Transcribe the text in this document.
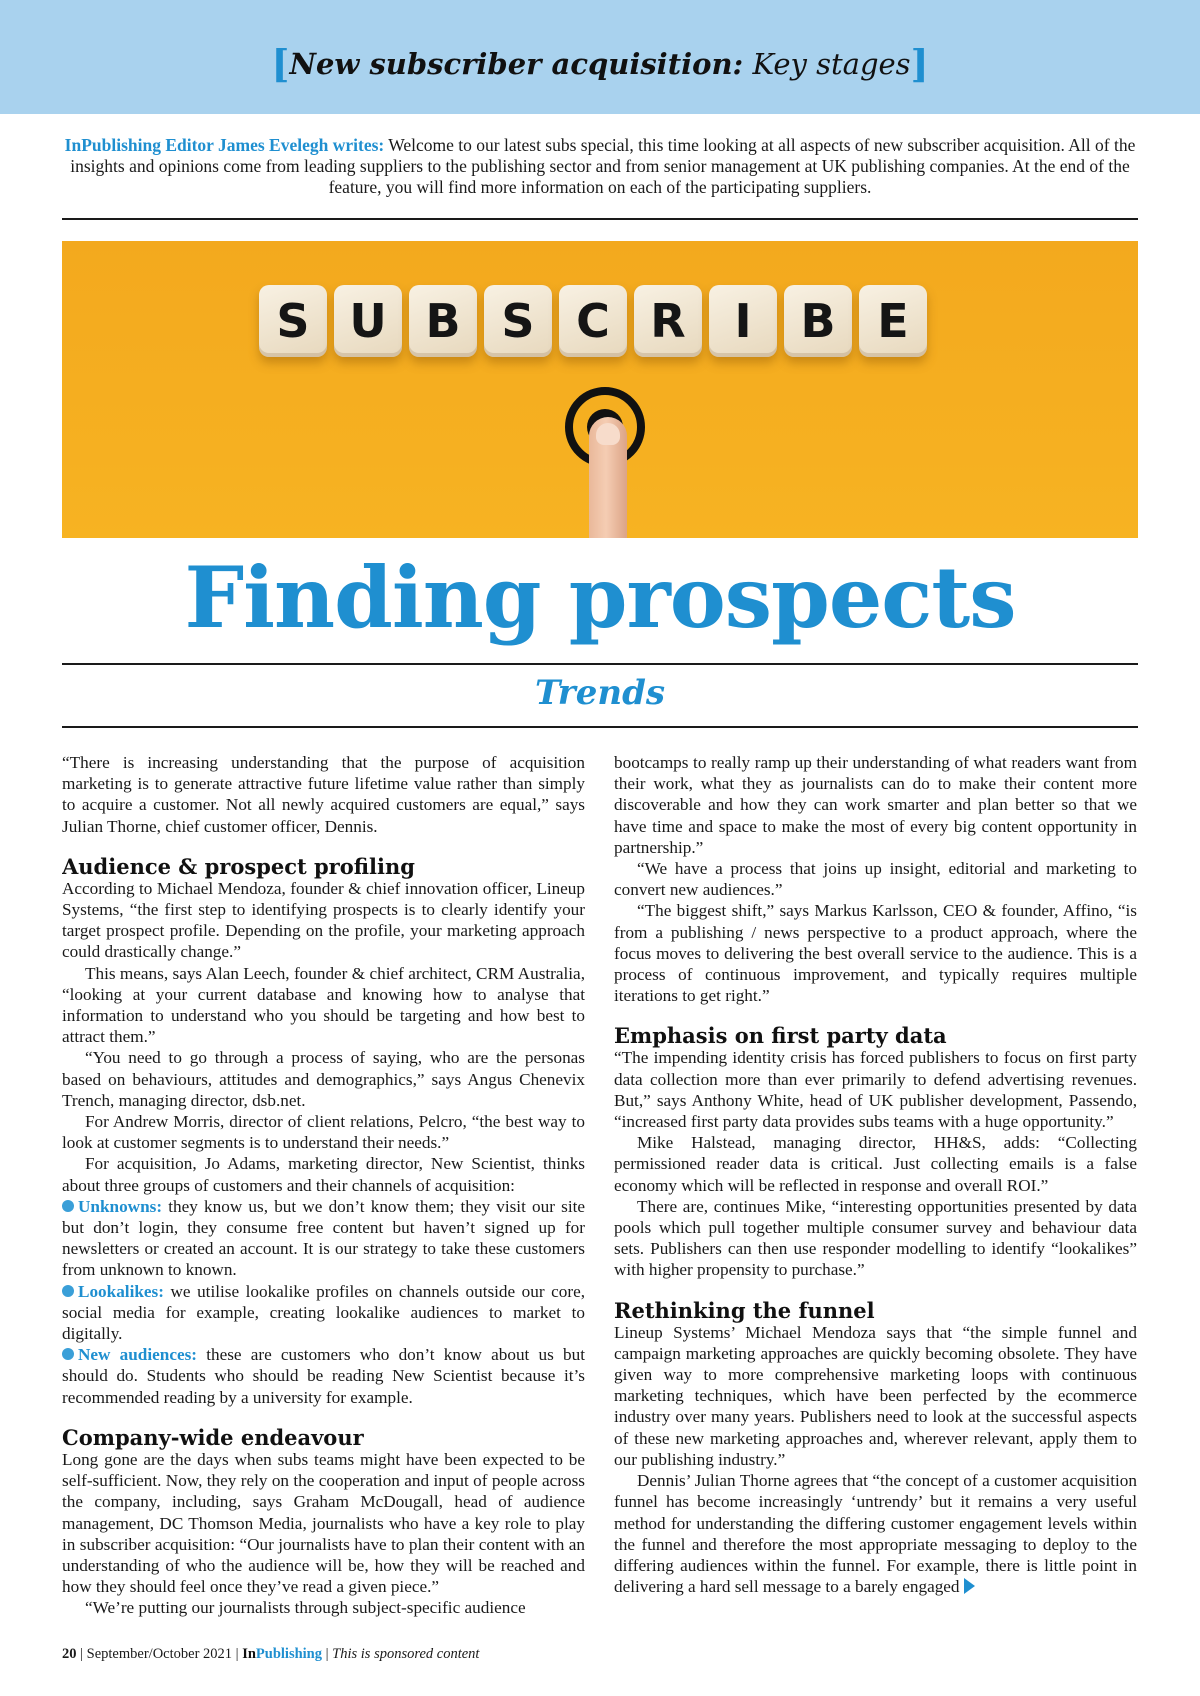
[New subscriber acquisition: Key stages]
InPublishing Editor James Evelegh writes: Welcome to our latest subs special, this time looking at all aspects of new subscriber acquisition. All of the insights and opinions come from leading suppliers to the publishing sector and from senior management at UK publishing companies. At the end of the feature, you will find more information on each of the participating suppliers.
S U B S C R	I	B E
Finding prospects
Trends

“There is increasing understanding that the purpose of acquisition marketing is to generate attractive future lifetime value rather than simply to acquire a customer. Not all newly acquired customers are equal,” says Julian Thorne, chief customer officer, Dennis.

Audience & prospect profiling

According to Michael Mendoza, founder & chief innovation officer, Lineup Systems, “the first step to identifying prospects is to clearly identify your target prospect profile. Depending on the profile, your marketing approach could drastically change.”

This means, says Alan Leech, founder & chief architect, CRM Australia, “looking at your current database and knowing how to analyse that information to understand who you should be targeting and how best to attract them.”

“You need to go through a process of saying, who are the personas based on behaviours, attitudes and demographics,” says Angus Chenevix Trench, managing director, dsb.net.

For Andrew Morris, director of client relations, Pelcro, “the best way to look at customer segments is to understand their needs.”

For acquisition, Jo Adams, marketing director, New Scientist, thinks about three groups of customers and their channels of acquisition:

Unknowns: they know us, but we don’t know them; they visit our site but don’t login, they consume free content but haven’t signed up for newsletters or created an account. It is our strategy to take these customers from unknown to known.

Lookalikes: we utilise lookalike profiles on channels outside our core, social media for example, creating lookalike audiences to market to digitally.

New audiences: these are customers who don’t know about us but should do. Students who should be reading New Scientist because it’s recommended reading by a university for example.

Company-wide endeavour

Long gone are the days when subs teams might have been expected to be self-sufficient. Now, they rely on the cooperation and input of people across the company, including, says Graham McDougall, head of audience management, DC Thomson Media, journalists who have a key role to play in subscriber acquisition: “Our journalists have to plan their content with an understanding of who the audience will be, how they will be reached and how they should feel once they’ve read a given piece.”

“We’re putting our journalists through subject-specific audience

bootcamps to really ramp up their understanding of what readers want from their work, what they as journalists can do to make their content more discoverable and how they can work smarter and plan better so that we have time and space to make the most of every big content opportunity in partnership.”

“We have a process that joins up insight, editorial and marketing to convert new audiences.”

“The biggest shift,” says Markus Karlsson, CEO & founder, Affino, “is from a publishing / news perspective to a product approach, where the focus moves to delivering the best overall service to the audience. This is a process of continuous improvement, and typically requires multiple iterations to get right.”

Emphasis on first party data

“The impending identity crisis has forced publishers to focus on first party data collection more than ever primarily to defend advertising revenues. But,” says Anthony White, head of UK publisher development, Passendo, “increased first party data provides subs teams with a huge opportunity.”

Mike Halstead, managing director, HH&S, adds: “Collecting permissioned reader data is critical. Just collecting emails is a false economy which will be reflected in response and overall ROI.”

There are, continues Mike, “interesting opportunities presented by data pools which pull together multiple consumer survey and behaviour data sets. Publishers can then use responder modelling to identify “lookalikes” with higher propensity to purchase.”

Rethinking the funnel

Lineup Systems’ Michael Mendoza says that “the simple funnel and campaign marketing approaches are quickly becoming obsolete. They have given way to more comprehensive marketing loops with continuous marketing techniques, which have been perfected by the ecommerce industry over many years. Publishers need to look at the successful aspects of these new marketing approaches and, wherever relevant, apply them to our publishing industry.”

Dennis’ Julian Thorne agrees that “the concept of a customer acquisition funnel has become increasingly ‘untrendy’ but it remains a very useful method for understanding the differing customer engagement levels within the funnel and therefore the most appropriate messaging to deploy to the differing audiences within the funnel. For example, there is little point in delivering a hard sell message to a barely engaged

20 | September/October 2021 | InPublishing | This is sponsored content
